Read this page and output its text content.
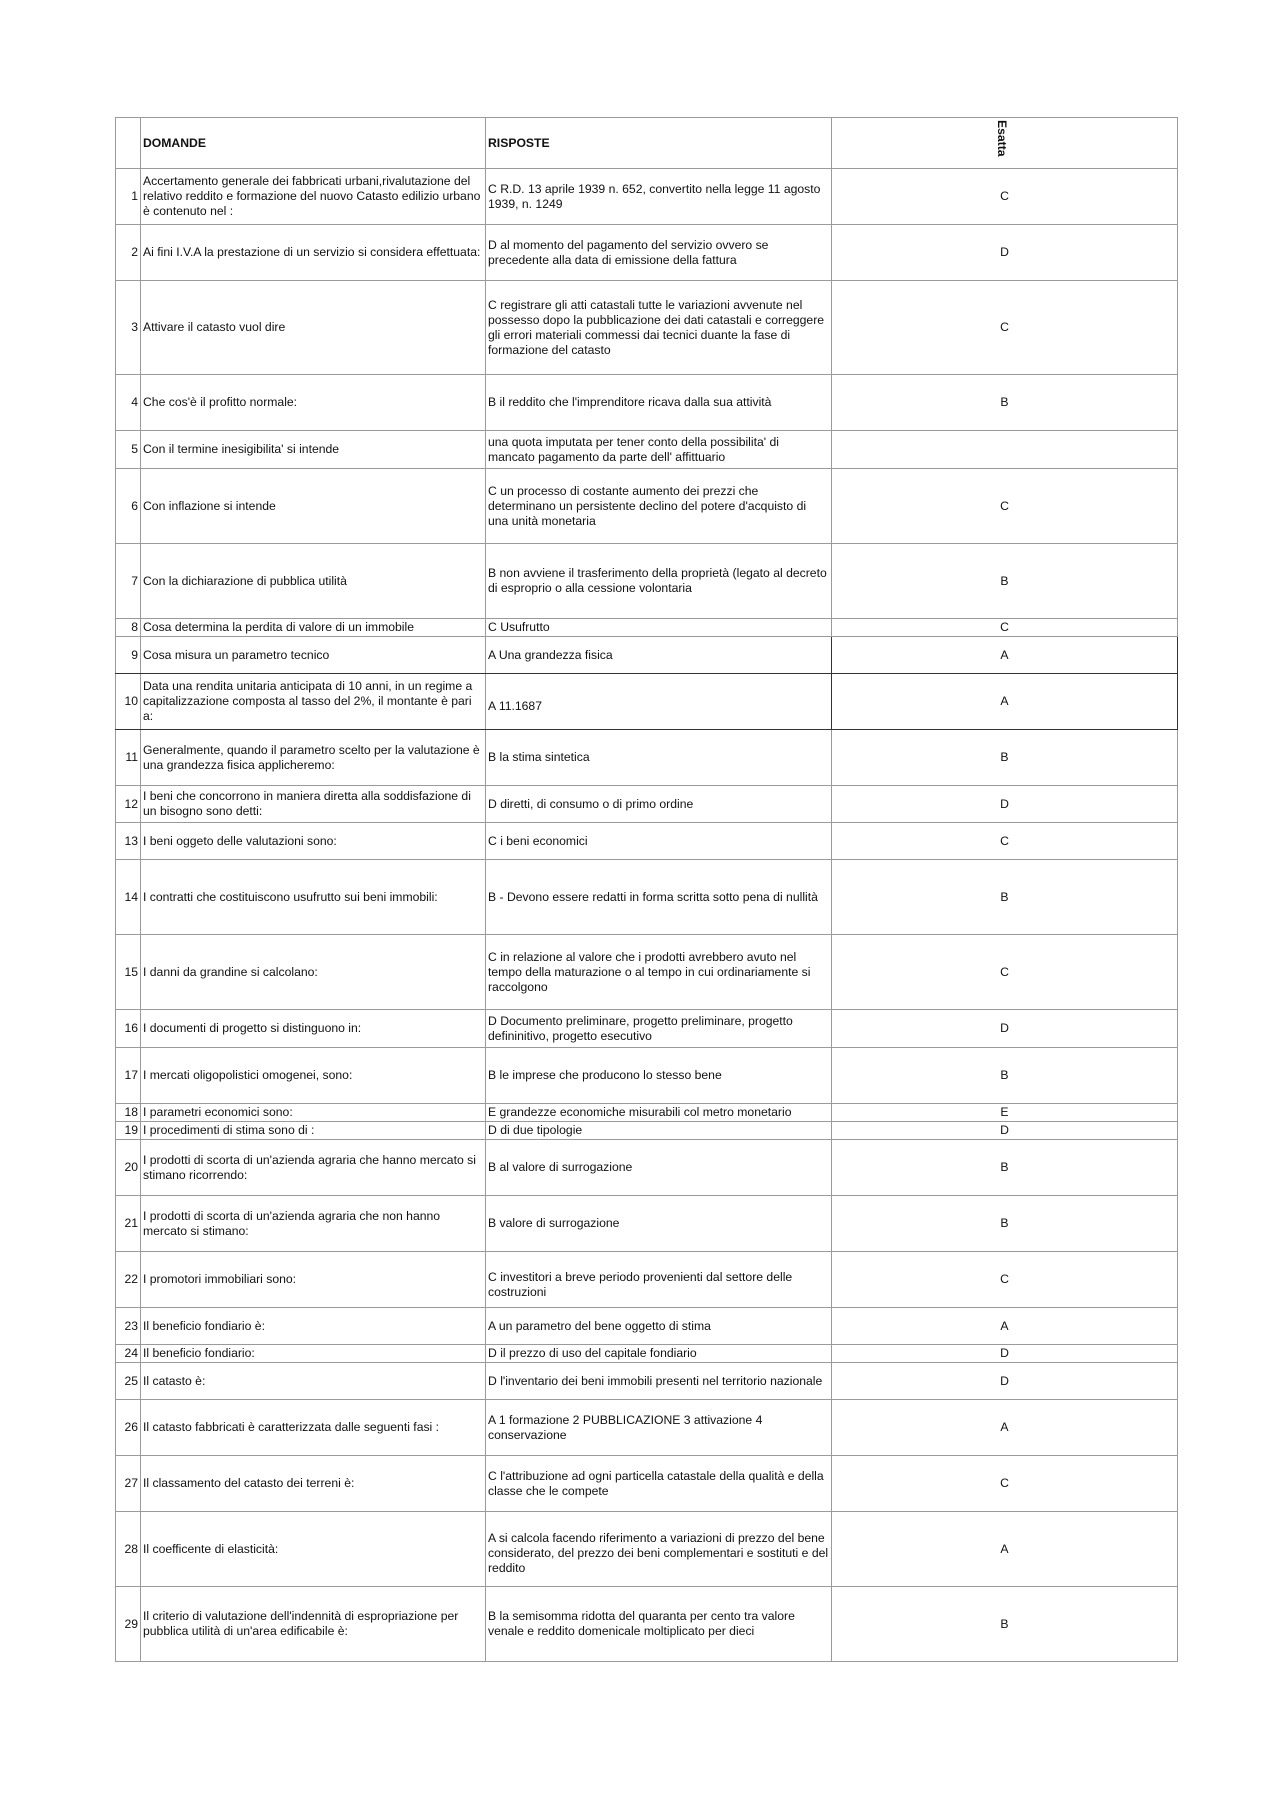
	DOMANDE	RISPOSTE	Esatta

1	Accertamento generale dei fabbricati urbani,rivalutazione del relativo reddito e formazione del nuovo Catasto edilizio urbano è contenuto nel :	C R.D. 13 aprile 1939 n. 652, convertito nella legge 11 agosto 1939, n. 1249	C
2	Ai fini I.V.A la prestazione di un servizio si considera effettuata:	D al momento del pagamento del servizio ovvero se precedente alla data di emissione della fattura	D
3	Attivare il catasto vuol dire	C registrare gli atti catastali tutte le variazioni avvenute nel possesso dopo la pubblicazione dei dati catastali e correggere gli errori materiali commessi dai tecnici duante la fase di formazione del catasto	C
4	Che cos'è il profitto normale:	B il reddito che l'imprenditore ricava dalla sua attività	B
5	Con il termine inesigibilita' si intende	una quota imputata per tener conto della possibilita' di mancato pagamento da parte dell' affittuario	
6	Con inflazione si intende	C un processo di costante aumento dei prezzi che determinano un persistente declino del potere d'acquisto di una unità monetaria	C
7	Con la dichiarazione di pubblica utilità	B non avviene il trasferimento della proprietà (legato al decreto di esproprio o alla cessione volontaria	B
8	Cosa determina la perdita di valore di un immobile	C Usufrutto	C
9	Cosa misura un parametro tecnico	A Una grandezza fisica	A
10	Data una rendita unitaria anticipata di 10 anni, in un regime a capitalizzazione composta al tasso del 2%, il montante è pari a:	A 11.1687	A
11	Generalmente, quando il parametro scelto per la valutazione è una grandezza fisica applicheremo:	B la stima sintetica	B
12	I beni che concorrono in maniera diretta alla soddisfazione di un bisogno sono detti:	D diretti, di consumo o di primo ordine	D
13	I beni oggeto delle valutazioni sono:	C i beni economici	C
14	I contratti che costituiscono usufrutto sui beni immobili:	B - Devono essere redatti in forma scritta sotto pena di nullità	B
15	I danni da grandine si calcolano:	C in relazione al valore che i prodotti avrebbero avuto nel tempo della maturazione o al tempo in cui ordinariamente si raccolgono	C
16	I documenti di progetto si distinguono in:	D Documento preliminare, progetto preliminare, progetto defininitivo, progetto esecutivo	D
17	I mercati oligopolistici omogenei, sono:	B le imprese che producono lo stesso bene	B
18	I parametri economici sono:	E grandezze economiche misurabili col metro monetario	E
19	I procedimenti di stima sono di :	D di due tipologie	D
20	I prodotti di scorta di un'azienda agraria che hanno mercato si stimano ricorrendo:	B al valore di surrogazione	B
21	I prodotti di scorta di un'azienda agraria che non hanno mercato si stimano:	B valore di surrogazione	B
22	I promotori immobiliari sono:	C investitori a breve periodo provenienti dal settore delle costruzioni	C
23	Il beneficio fondiario è:	A un parametro del bene oggetto di stima	A
24	Il beneficio fondiario:	D il prezzo di uso del capitale fondiario	D
25	Il catasto è:	D l'inventario dei beni immobili presenti nel territorio nazionale	D
26	Il catasto fabbricati è caratterizzata dalle seguenti fasi :	A 1 formazione 2 PUBBLICAZIONE 3 attivazione 4 conservazione	A
27	Il classamento del catasto dei terreni è:	C l'attribuzione ad ogni particella catastale della qualità e della classe che le compete	C
28	Il coefficente di elasticità:	A si calcola facendo riferimento a variazioni di prezzo del bene considerato, del prezzo dei beni complementari e sostituti e del reddito	A
29	Il criterio di valutazione dell'indennità di espropriazione per pubblica utilità di un'area edificabile è:	B la semisomma ridotta del quaranta per cento tra valore venale e reddito domenicale moltiplicato per dieci	B
